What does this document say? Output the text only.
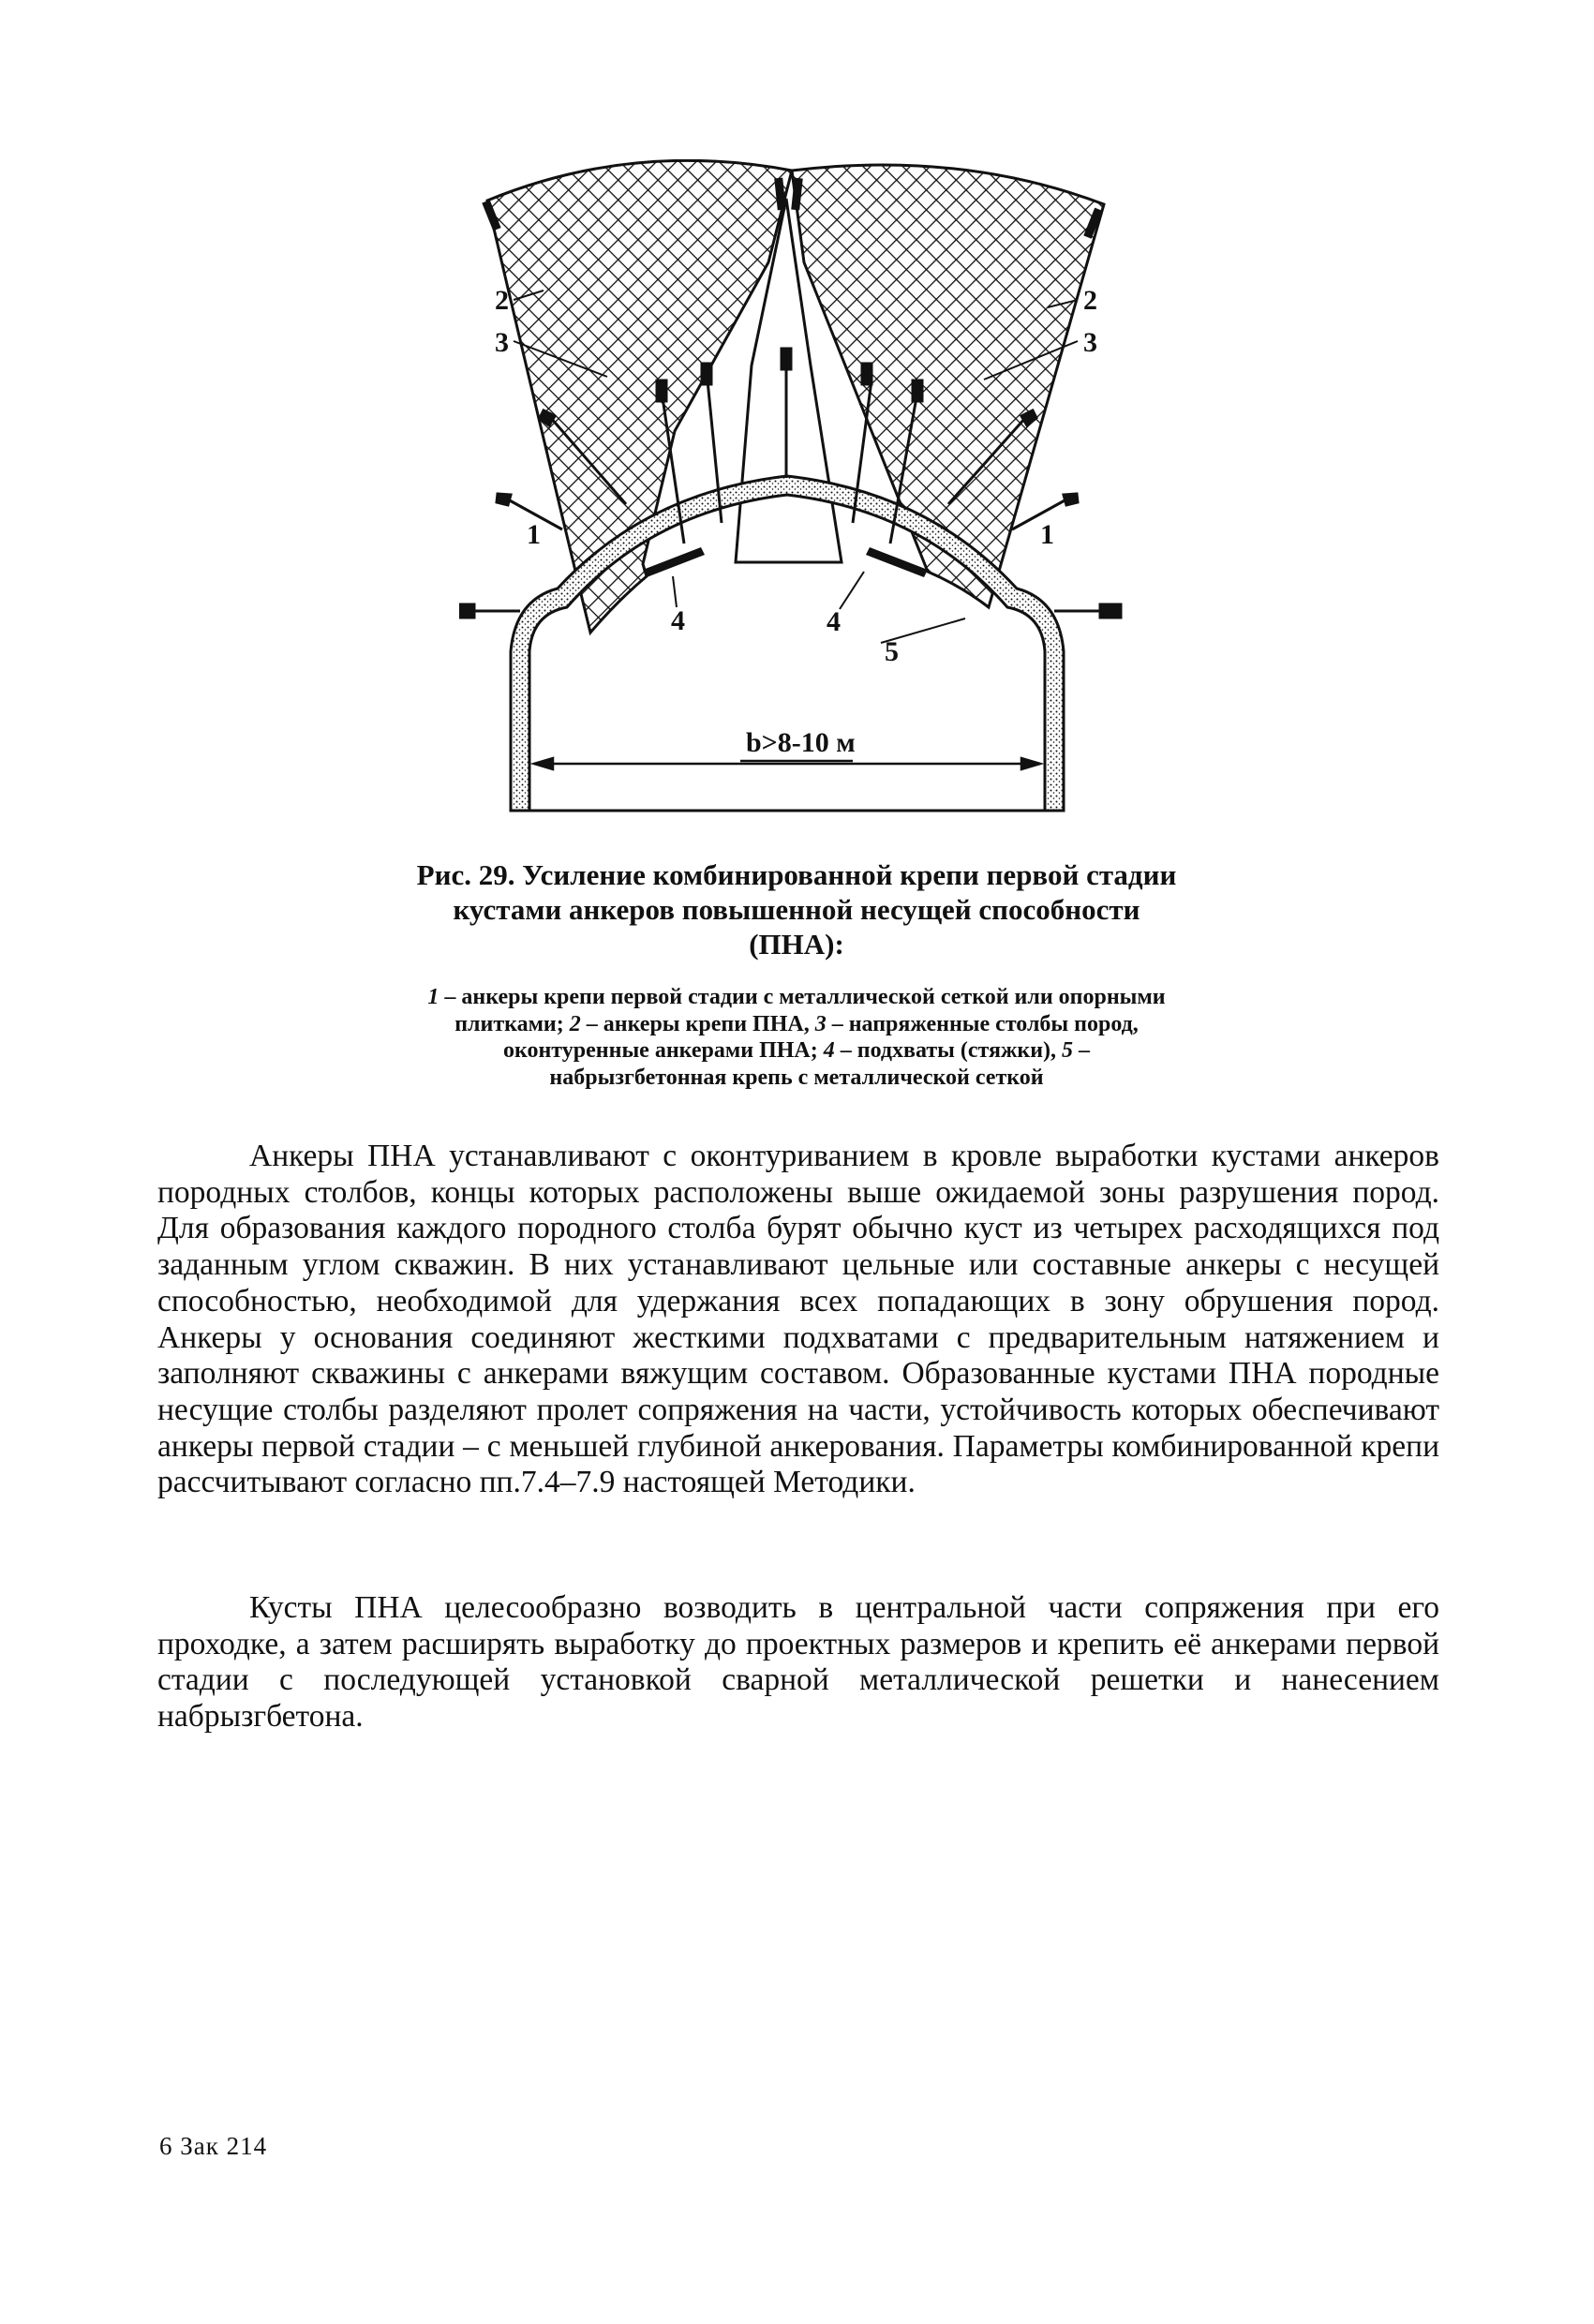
b>8-10 м
2
3
2
3
1	1
4	4
5
Рис. 29. Усиление комбинированной крепи первой стадии кустами анкеров повышенной несущей способности (ПНА):
1 – анкеры крепи первой стадии с металлической сеткой или опорными плитками; 2 – анкеры крепи ПНА, 3 – напряженные столбы пород, оконтуренные анкерами ПНА; 4 – подхваты (стяжки), 5 – набрызгбетонная крепь с металлической сеткой

Анкеры ПНА устанавливают с оконтуриванием в кровле выработки кустами анкеров породных столбов, концы которых расположены выше ожидаемой зоны разрушения пород. Для образования каждого породного столба бурят обычно куст из четырех расходящихся под заданным углом скважин. В них устанавливают цельные или составные анкеры с несущей способностью, необходимой для удержания всех попадающих в зону обрушения пород. Анкеры у основания соединяют жесткими подхватами с предварительным натяжением и заполняют скважины с анкерами вяжущим составом. Образованные кустами ПНА породные несущие столбы разделяют пролет сопряжения на части, устойчивость которых обеспечивают анкеры первой стадии – с меньшей глубиной анкерования. Параметры комбинированной крепи рассчитывают согласно пп.7.4–7.9 настоящей Методики.

Кусты ПНА целесообразно возводить в центральной части сопряжения при его проходке, а затем расширять выработку до проектных размеров и крепить её анкерами первой стадии с последующей установкой сварной металлической решетки и нанесением набрызгбетона.

6 Зак 214
